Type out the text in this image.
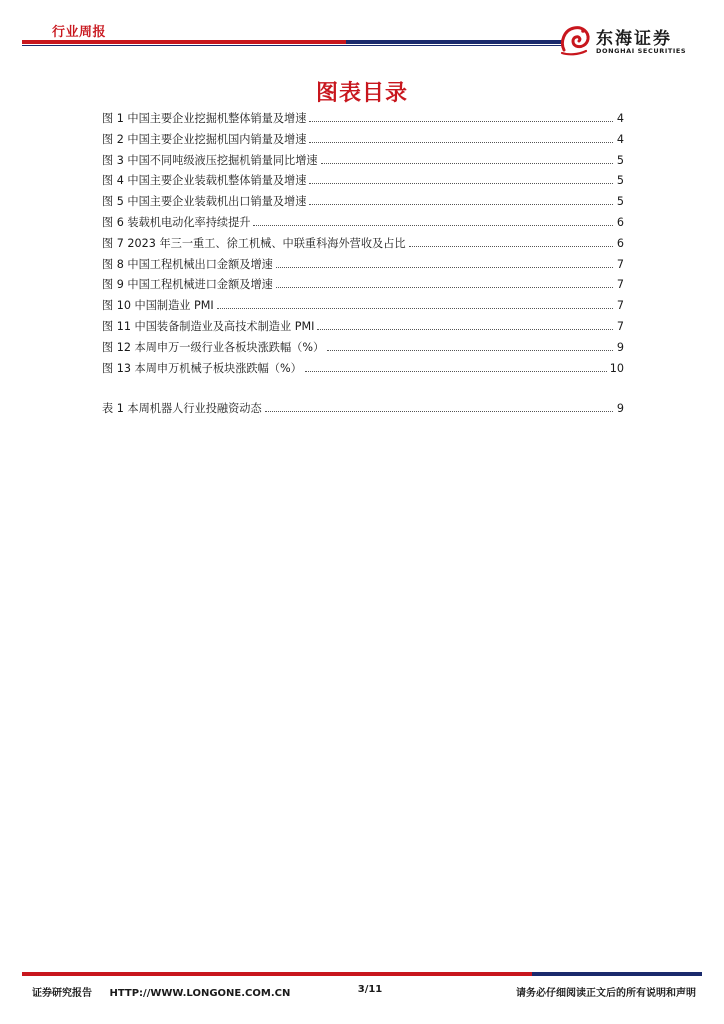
行业周报	东海证券
DONGHAI SECURITIES
图表目录
图 1 中国主要企业挖掘机整体销量及增速	4
图 2 中国主要企业挖掘机国内销量及增速	4
图 3 中国不同吨级液压挖掘机销量同比增速	5
图 4 中国主要企业装载机整体销量及增速	5
图 5 中国主要企业装载机出口销量及增速	5
图 6 装载机电动化率持续提升	6
图 7 2023 年三一重工、徐工机械、中联重科海外营收及占比	6
图 8 中国工程机械出口金额及增速	7
图 9 中国工程机械进口金额及增速	7
图 10 中国制造业 PMI	7
图 11 中国装备制造业及高技术制造业 PMI	7
图 12 本周申万一级行业各板块涨跌幅（%）	9
图 13 本周申万机械子板块涨跌幅（%）	10
表 1 本周机器人行业投融资动态	9
证券研究报告 HTTP://WWW.LONGONE.COM.CN	3/11	请务必仔细阅读正文后的所有说明和声明
